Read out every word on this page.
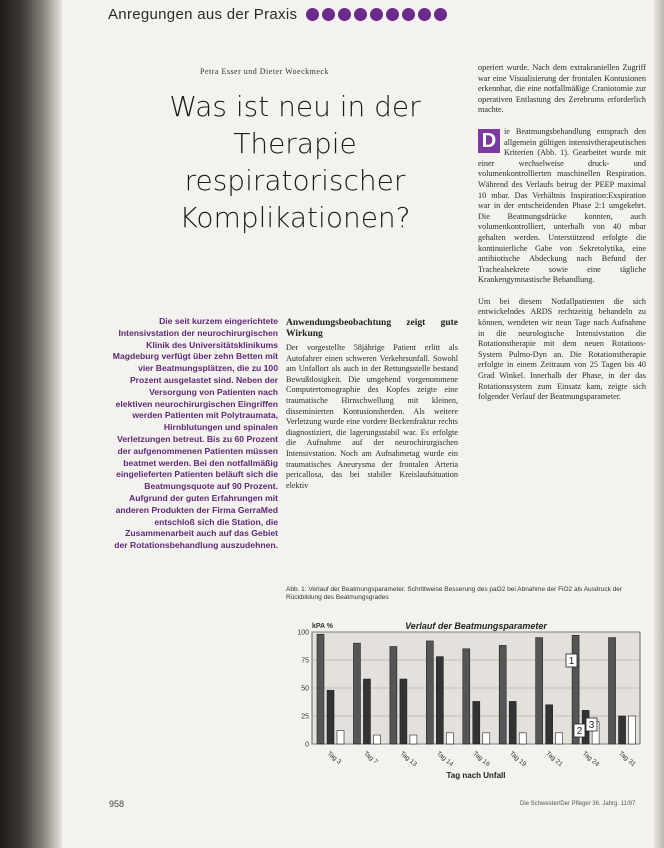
Anregungen aus der Praxis
Petra Esser und Dieter Woeckmeck
Was ist neu in der Therapie respiratorischer Komplikationen?
Die seit kurzem eingerichtete Intensivstation der neurochirurgischen Klinik des Universitätsklinikums Magdeburg verfügt über zehn Betten mit vier Beatmungsplätzen, die zu 100 Prozent ausgelastet sind. Neben der Versorgung von Patienten nach elektiven neurochirurgischen Eingriffen werden Patienten mit Polytraumata, Hirnblutungen und spinalen Verletzungen betreut. Bis zu 60 Prozent der aufgenommenen Patienten müssen beatmet werden. Bei den notfallmäßig eingelieferten Patienten beläuft sich die Beatmungsquote auf 90 Prozent. Aufgrund der guten Erfahrungen mit anderen Produkten der Firma GerraMed entschloß sich die Station, die Zusammenarbeit auch auf das Gebiet der Rotationsbehandlung auszudehnen.
Anwendungsbeobachtung zeigt gute Wirkung

Der vorgestellte 58jährige Patient erlitt als Autofahrer einen schweren Verkehrsunfall. Sowohl am Unfallort als auch in der Rettungsstelle bestand Bewußtlosigkeit. Die umgehend vorgenommene Computertomographie des Kopfes zeigte eine traumatische Hirnschwellung mit kleinen, disseminierten Kontusionsherden. Als weitere Verletzung wurde eine vordere Beckenfraktur rechts diagnostiziert, die lagerungsstabil war. Es erfolgte die Aufnahme auf der neurochirurgischen Intensivstation. Noch am Aufnahmetag wurde ein traumatisches Aneurysma der frontalen Arteria pericallosa, das bei stabiler Kreislaufsituation elektiv

operiert wurde. Nach dem extrakraniellen Zugriff war eine Visualisierung der frontalen Kontusionen erkennbar, die eine notfallmäßige Craniotomie zur operativen Entlastung des Zerebrums erforderlich machte.

D ie Beatmungsbehandlung entsprach den allgemein gültigen intensivtherapeutischen Kriterien (Abb. 1). Gearbeitet wurde mit einer wechselweise druck- und volumenkontrollierten maschinellen Respiration. Während des Verlaufs betrug der PEEP maximal 10 mbar. Das Verhältnis Inspiration:Exspiration war in der entscheidenden Phase 2:1 umgekehrt. Die Beatmungsdrücke konnten, auch volumenkontrolliert, unterhalb von 40 mbar gehalten werden. Unterstützend erfolgte die kontinuierliche Gabe von Sekretolytika, eine antibiotische Abdeckung nach Befund der Trachealsekrete sowie eine tägliche Krankengymnastische Behandlung.

Um bei diesem Notfallpatienten die sich entwickelndes ARDS rechtzeitig behandeln zu können, wendeten wir neun Tage nach Aufnahme in die neurologische Intensivstation die Rotationstherapie mit dem neuen Rotations-System Pulmo-Dyn an. Die Rotationstherapie erfolgte in einem Zeitraum von 25 Tagen bis 40 Grad Winkel. Innerhalb der Phase, in der das Rotationssystem zum Einsatz kam, zeigte sich folgender Verlauf der Beatmungsparameter.

Abb. 1: Verlauf der Beatmungsparameter. Schrittweise Besserung des paO2 bei Abnahme der FiO2 als Ausdruck der Rückbildung des Beatmungsgrades
0
25
50
75
100
kPA %	Verlauf der Beatmungsparameter
Tag 3	Tag 7	Tag 13	Tag 14	Tag 16	Tag 19	Tag 21	Tag 24	Tag 31
Tag nach Unfall
1
2
3
958	Die Schwester/Der Pfleger 36. Jahrg. 11/97
